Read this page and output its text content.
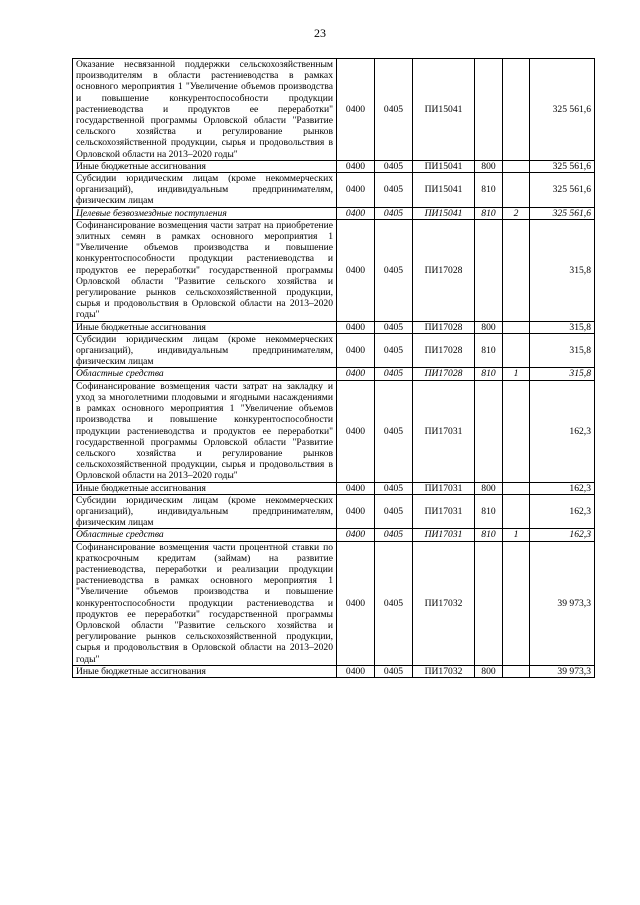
23
Оказание несвязанной поддержки сельскохозяйственным производителям в области растениеводства в рамках основного мероприятия 1 "Увеличение объемов производства и повышение конкурентоспособности продукции растениеводства и продуктов ее переработки" государственной программы Орловской области "Развитие сельского хозяйства и регулирование рынков сельскохозяйственной продукции, сырья и продовольствия в Орловской области на 2013–2020 годы"	0400	0405	ПИ15041			325 561,6
Иные бюджетные ассигнования	0400	0405	ПИ15041	800		325 561,6
Субсидии юридическим лицам (кроме некоммерческих организаций), индивидуальным предпринимателям, физическим лицам	0400	0405	ПИ15041	810		325 561,6
Целевые безвозмездные поступления	0400	0405	ПИ15041	810	2	325 561,6
Софинансирование возмещения части затрат на приобретение элитных семян в рамках основного мероприятия 1 "Увеличение объемов производства и повышение конкурентоспособности продукции растениеводства и продуктов ее переработки" государственной программы Орловской области "Развитие сельского хозяйства и регулирование рынков сельскохозяйственной продукции, сырья и продовольствия в Орловской области на 2013–2020 годы"	0400	0405	ПИ17028			315,8
Иные бюджетные ассигнования	0400	0405	ПИ17028	800		315,8
Субсидии юридическим лицам (кроме некоммерческих организаций), индивидуальным предпринимателям, физическим лицам	0400	0405	ПИ17028	810		315,8
Областные средства	0400	0405	ПИ17028	810	1	315,8
Софинансирование возмещения части затрат на закладку и уход за многолетними плодовыми и ягодными насаждениями в рамках основного мероприятия 1 "Увеличение объемов производства и повышение конкурентоспособности продукции растениеводства и продуктов ее переработки" государственной программы Орловской области "Развитие сельского хозяйства и регулирование рынков сельскохозяйственной продукции, сырья и продовольствия в Орловской области на 2013–2020 годы"	0400	0405	ПИ17031			162,3
Иные бюджетные ассигнования	0400	0405	ПИ17031	800		162,3
Субсидии юридическим лицам (кроме некоммерческих организаций), индивидуальным предпринимателям, физическим лицам	0400	0405	ПИ17031	810		162,3
Областные средства	0400	0405	ПИ17031	810	1	162,3
Софинансирование возмещения части процентной ставки по краткосрочным кредитам (займам) на развитие растениеводства, переработки и реализации продукции растениеводства в рамках основного мероприятия 1 "Увеличение объемов производства и повышение конкурентоспособности продукции растениеводства и продуктов ее переработки" государственной программы Орловской области "Развитие сельского хозяйства и регулирование рынков сельскохозяйственной продукции, сырья и продовольствия в Орловской области на 2013–2020 годы"	0400	0405	ПИ17032			39 973,3
Иные бюджетные ассигнования	0400	0405	ПИ17032	800		39 973,3
